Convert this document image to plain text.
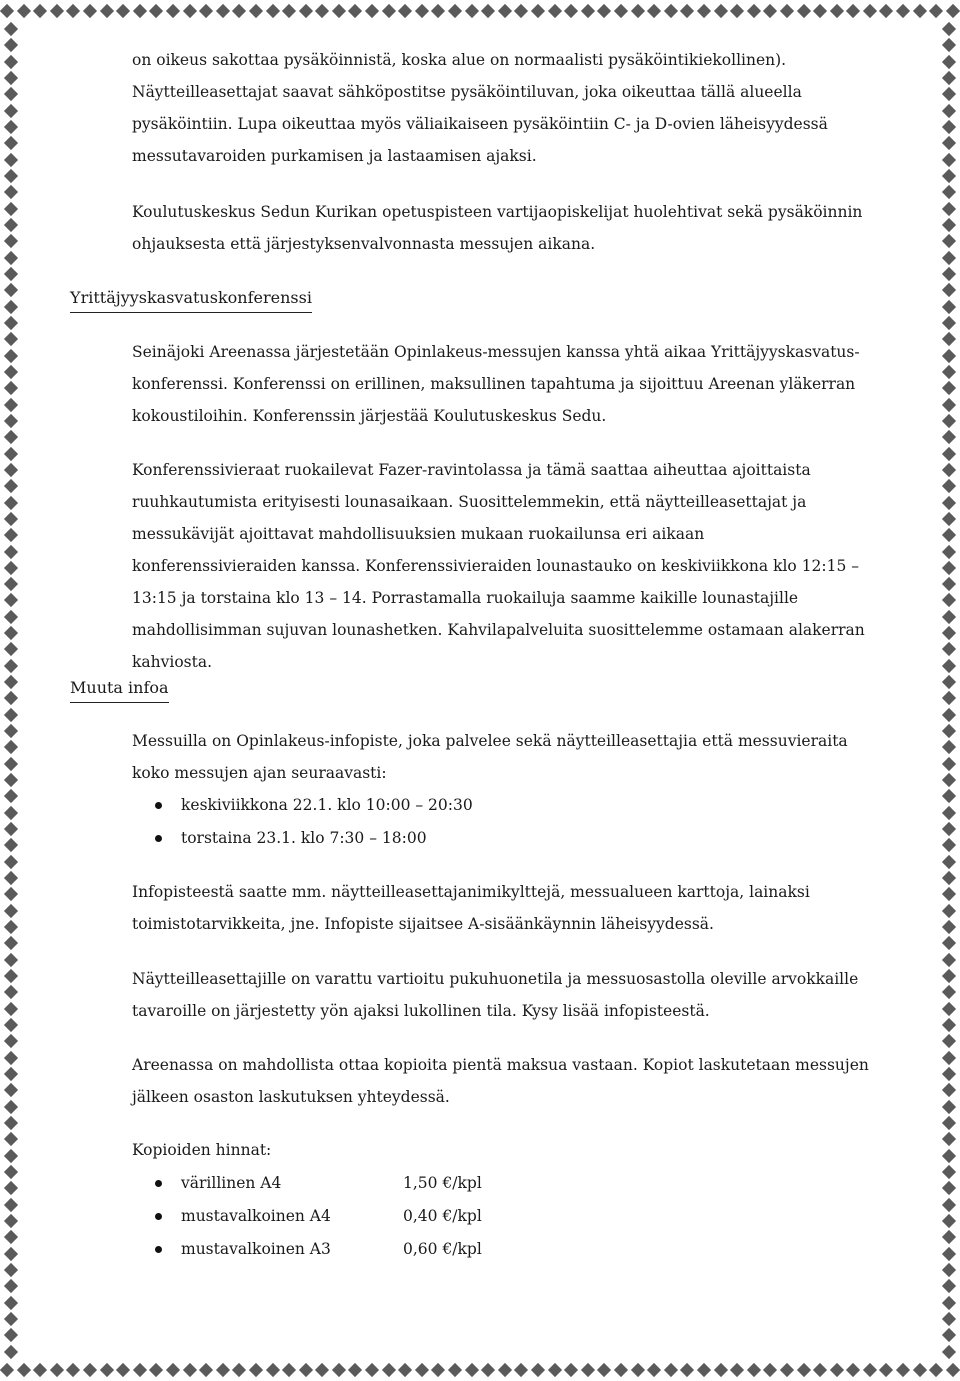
on oikeus sakottaa pysäköinnistä, koska alue on normaalisti pysäköintikiekollinen). Näytteilleasettajat saavat sähköpostitse pysäköintiluvan, joka oikeuttaa tällä alueella pysäköintiin. Lupa oikeuttaa myös väliaikaiseen pysäköintiin C- ja D-ovien läheisyydessä messutavaroiden purkamisen ja lastaamisen ajaksi.

Koulutuskeskus Sedun Kurikan opetuspisteen vartijaopiskelijat huolehtivat sekä pysäköinnin ohjauksesta että järjestyksenvalvonnasta messujen aikana.

Yrittäjyyskasvatuskonferenssi

Seinäjoki Areenassa järjestetään Opinlakeus-messujen kanssa yhtä aikaa Yrittäjyyskasvatus-konferenssi. Konferenssi on erillinen, maksullinen tapahtuma ja sijoittuu Areenan yläkerran kokoustiloihin. Konferenssin järjestää Koulutuskeskus Sedu.

Konferenssivieraat ruokailevat Fazer-ravintolassa ja tämä saattaa aiheuttaa ajoittaista ruuhkautumista erityisesti lounasaikaan. Suosittelemmekin, että näytteilleasettajat ja messukävijät ajoittavat mahdollisuuksien mukaan ruokailunsa eri aikaan konferenssivieraiden kanssa. Konferenssivieraiden lounastauko on keskiviikkona klo 12:15 – 13:15 ja torstaina klo 13 – 14. Porrastamalla ruokailuja saamme kaikille lounastajille mahdollisimman sujuvan lounashetken. Kahvilapalveluita suosittelemme ostamaan alakerran kahviosta.

Muuta infoa

Messuilla on Opinlakeus-infopiste, joka palvelee sekä näytteilleasettajia että messuvieraita koko messujen ajan seuraavasti:

keskiviikkona 22.1. klo 10:00 – 20:30
torstaina 23.1. klo 7:30 – 18:00

Infopisteestä saatte mm. näytteilleasettajanimikylttejä, messualueen karttoja, lainaksi toimistotarvikkeita, jne. Infopiste sijaitsee A-sisäänkäynnin läheisyydessä.

Näytteilleasettajille on varattu vartioitu pukuhuonetila ja messuosastolla oleville arvokkaille tavaroille on järjestetty yön ajaksi lukollinen tila. Kysy lisää infopisteestä.

Areenassa on mahdollista ottaa kopioita pientä maksua vastaan. Kopiot laskutetaan messujen jälkeen osaston laskutuksen yhteydessä.

Kopioiden hinnat:

värillinen A4	1,50 €/kpl
mustavalkoinen A4	0,40 €/kpl
mustavalkoinen A3	0,60 €/kpl
